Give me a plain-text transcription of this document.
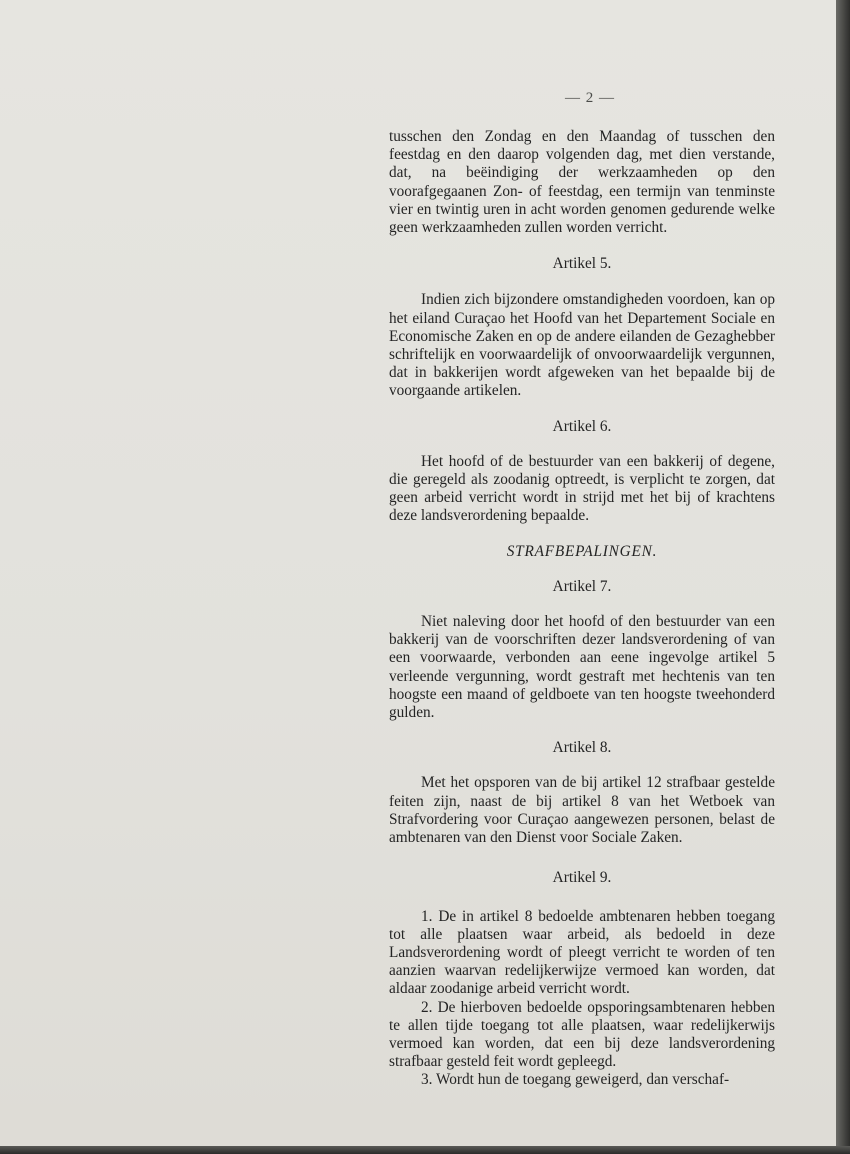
— 2 —

tusschen den Zondag en den Maandag of tusschen den feestdag en den daarop volgenden dag, met dien verstande, dat, na beëindiging der werkzaamheden op den voorafgegaanen Zon- of feestdag, een termijn van tenminste vier en twintig uren in acht worden genomen gedurende welke geen werkzaamheden zullen worden verricht.

Artikel 5.

Indien zich bijzondere omstandigheden voordoen, kan op het eiland Curaçao het Hoofd van het Departement Sociale en Economische Zaken en op de andere eilanden de Gezaghebber schriftelijk en voorwaardelijk of onvoorwaardelijk vergunnen, dat in bakkerijen wordt afgeweken van het bepaalde bij de voorgaande artikelen.

Artikel 6.

Het hoofd of de bestuurder van een bakkerij of degene, die geregeld als zoodanig optreedt, is verplicht te zorgen, dat geen arbeid verricht wordt in strijd met het bij of krachtens deze landsverordening bepaalde.

STRAFBEPALINGEN.

Artikel 7.

Niet naleving door het hoofd of den bestuurder van een bakkerij van de voorschriften dezer landsverordening of van een voorwaarde, verbonden aan eene ingevolge artikel 5 verleende vergunning, wordt gestraft met hechtenis van ten hoogste een maand of geldboete van ten hoogste tweehonderd gulden.

Artikel 8.

Met het opsporen van de bij artikel 12 strafbaar gestelde feiten zijn, naast de bij artikel 8 van het Wetboek van Strafvordering voor Curaçao aangewezen personen, belast de ambtenaren van den Dienst voor Sociale Zaken.

Artikel 9.

1. De in artikel 8 bedoelde ambtenaren hebben toegang tot alle plaatsen waar arbeid, als bedoeld in deze Landsverordening wordt of pleegt verricht te worden of ten aanzien waarvan redelijkerwijze vermoed kan worden, dat aldaar zoodanige arbeid verricht wordt.

2. De hierboven bedoelde opsporingsambtenaren hebben te allen tijde toegang tot alle plaatsen, waar redelijkerwijs vermoed kan worden, dat een bij deze landsverordening strafbaar gesteld feit wordt gepleegd.

3. Wordt hun de toegang geweigerd, dan verschaf-
